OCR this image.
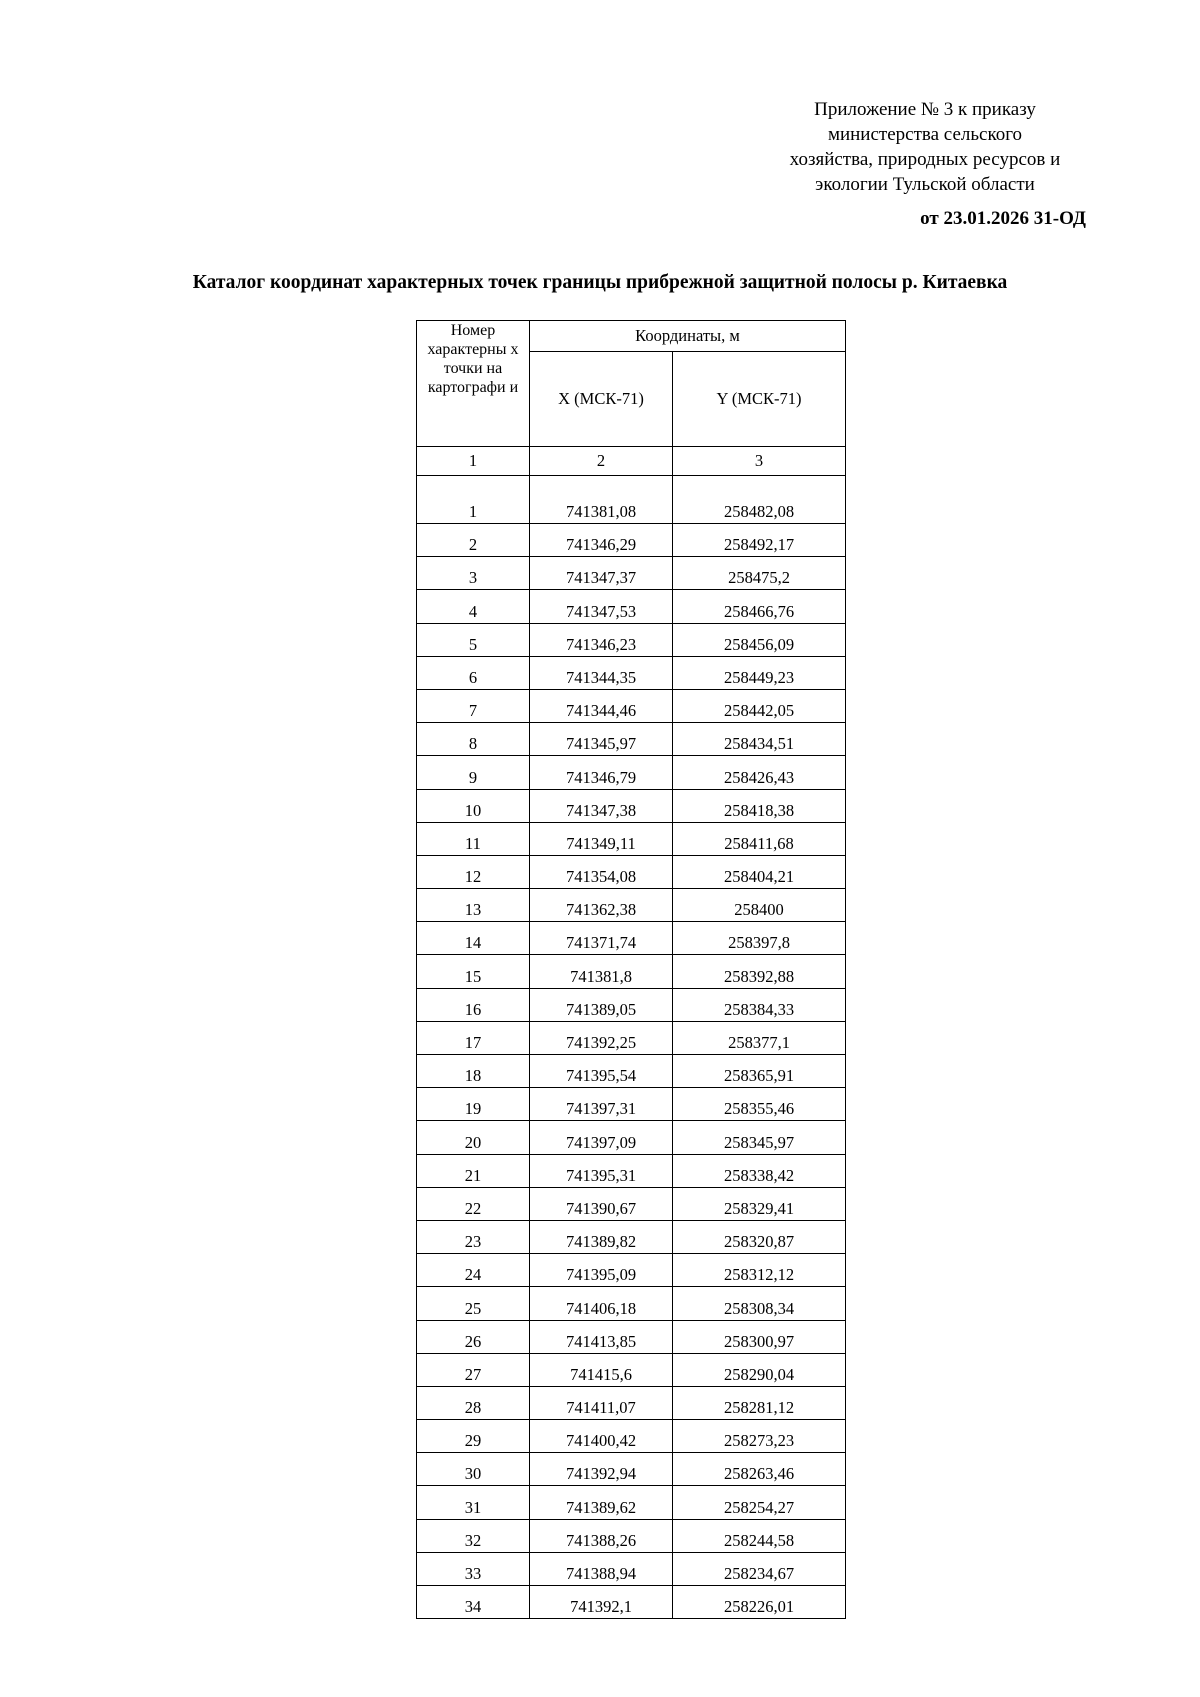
Приложение № 3 к приказу
министерства сельского
хозяйства, природных ресурсов и
экологии Тульской области
от 23.01.2026 31-ОД
Каталог координат характерных точек границы прибрежной защитной полосы р. Китаевка
Номер характерны х точки на картографи и	Координаты, м	
	X (МСК-71)	Y (МСК-71)
1	2	3
1	741381,08	258482,08
2	741346,29	258492,17
3	741347,37	258475,2
4	741347,53	258466,76
5	741346,23	258456,09
6	741344,35	258449,23
7	741344,46	258442,05
8	741345,97	258434,51
9	741346,79	258426,43
10	741347,38	258418,38
11	741349,11	258411,68
12	741354,08	258404,21
13	741362,38	258400
14	741371,74	258397,8
15	741381,8	258392,88
16	741389,05	258384,33
17	741392,25	258377,1
18	741395,54	258365,91
19	741397,31	258355,46
20	741397,09	258345,97
21	741395,31	258338,42
22	741390,67	258329,41
23	741389,82	258320,87
24	741395,09	258312,12
25	741406,18	258308,34
26	741413,85	258300,97
27	741415,6	258290,04
28	741411,07	258281,12
29	741400,42	258273,23
30	741392,94	258263,46
31	741389,62	258254,27
32	741388,26	258244,58
33	741388,94	258234,67
34	741392,1	258226,01
